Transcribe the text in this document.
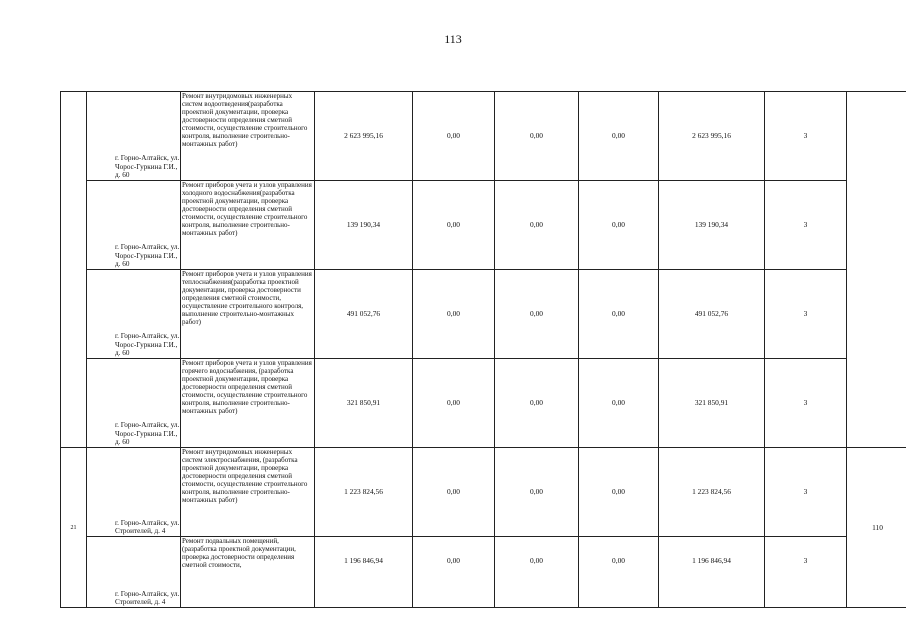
113
	г. Горно-Алтайск, ул. Чорос-Гуркина Г.И., д. 60	Ремонт внутридомовых инженерных систем водоотведения(разработка проектной документации, проверка достоверности определения сметной стоимости, осуществление строительного контроля, выполнение строительно-монтажных работ)	2 623 995,16	0,00	0,00	0,00	2 623 995,16	3	
	г. Горно-Алтайск, ул. Чорос-Гуркина Г.И., д. 60	Ремонт приборов учета и узлов управления холодного водоснабжения(разработка проектной документации, проверка достоверности определения сметной стоимости, осуществление строительного контроля, выполнение строительно-монтажных работ)	139 190,34	0,00	0,00	0,00	139 190,34	3	
	г. Горно-Алтайск, ул. Чорос-Гуркина Г.И., д. 60	Ремонт приборов учета и узлов управления теплоснабжения(разработка проектной документации, проверка достоверности определения сметной стоимости, осуществление строительного контроля, выполнение строительно-монтажных работ)	491 052,76	0,00	0,00	0,00	491 052,76	3	
	г. Горно-Алтайск, ул. Чорос-Гуркина Г.И., д. 60	Ремонт приборов учета и узлов управления горячего водоснабжения, (разработка проектной документации, проверка достоверности определения сметной стоимости, осуществление строительного контроля, выполнение строительно-монтажных работ)	321 850,91	0,00	0,00	0,00	321 850,91	3	
21	г. Горно-Алтайск, ул. Строителей, д. 4	Ремонт внутридомовых инженерных систем электроснабжения, (разработка проектной документации, проверка достоверности определения сметной стоимости, осуществление строительного контроля, выполнение строительно-монтажных работ)	1 223 824,56	0,00	0,00	0,00	1 223 824,56	3	110
	г. Горно-Алтайск, ул. Строителей, д. 4	Ремонт подвальных помещений, (разработка проектной документации, проверка достоверности определения сметной стоимости,	1 196 846,94	0,00	0,00	0,00	1 196 846,94	3	
